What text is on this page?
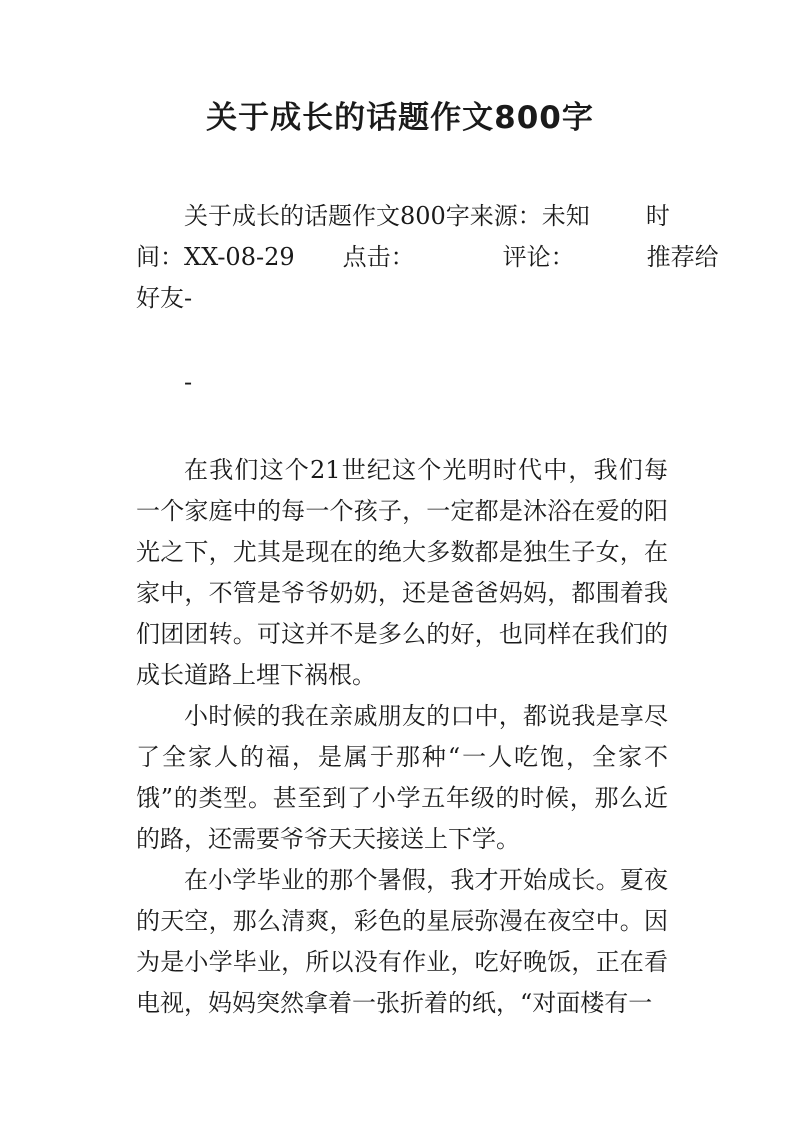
关于成长的话题作文800字

关于成长的话题作文800字来源：未知 时

间：XX-08-29 点击：	评论：	推荐给

好友-

-

在我们这个21世纪这个光明时代中，我们每一个家庭中的每一个孩子，一定都是沐浴在爱的阳光之下，尤其是现在的绝大多数都是独生子女，在家中，不管是爷爷奶奶，还是爸爸妈妈，都围着我们团团转。可这并不是多么的好，也同样在我们的成长道路上埋下祸根。

小时候的我在亲戚朋友的口中，都说我是享尽了全家人的福，是属于那种“一人吃饱，全家不饿”的类型。甚至到了小学五年级的时候，那么近的路，还需要爷爷天天接送上下学。

在小学毕业的那个暑假，我才开始成长。夏夜的天空，那么清爽，彩色的星辰弥漫在夜空中。因为是小学毕业，所以没有作业，吃好晚饭，正在看电视，妈妈突然拿着一张折着的纸，“对面楼有一
